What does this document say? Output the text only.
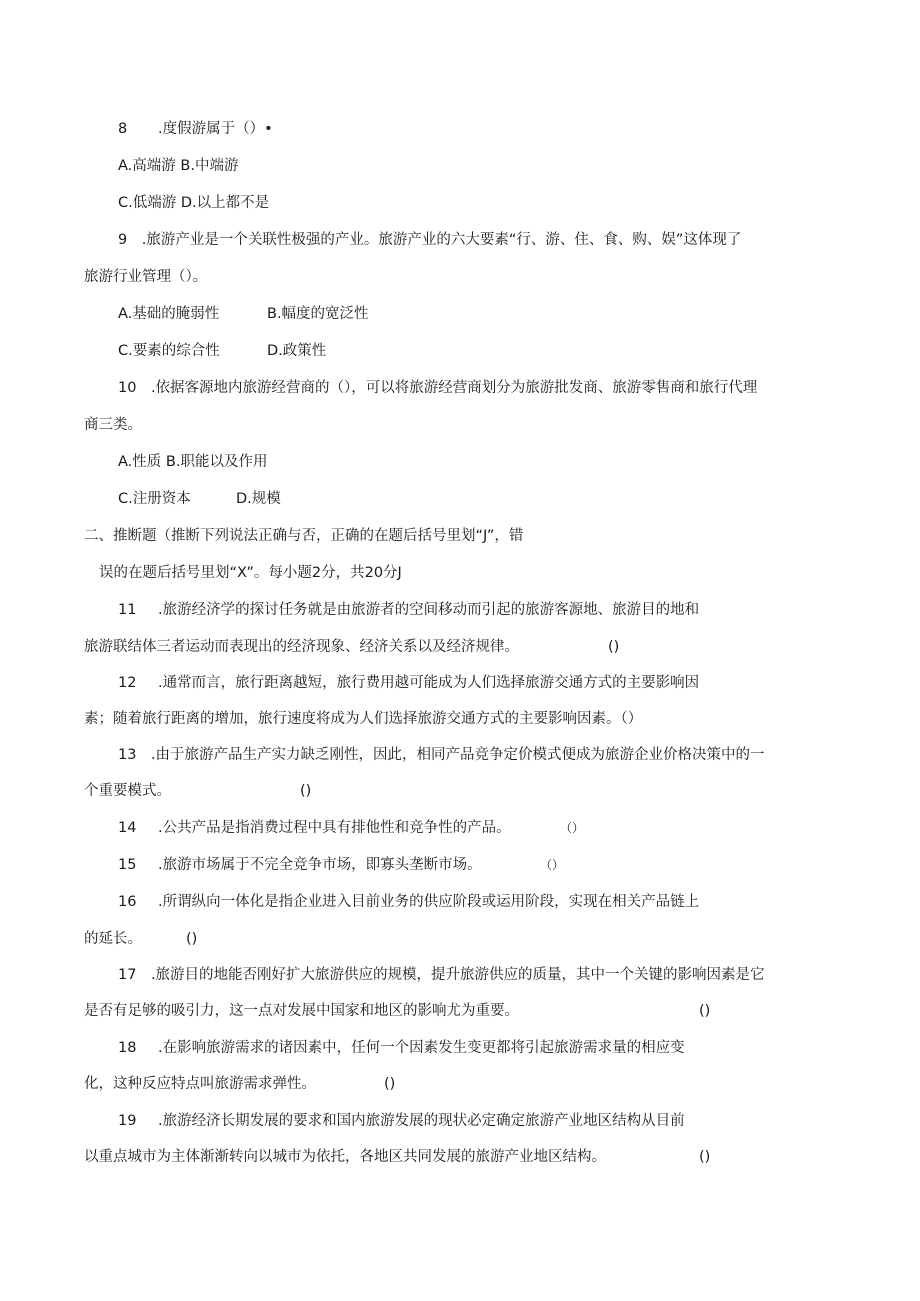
8 .度假游属于（）•
A.高端游 B.中端游
C.低端游 D.以上都不是
9　.旅游产业是一个关联性极强的产业。旅游产业的六大要素“行、游、住、食、购、娱”这体现了
旅游行业管理（）。
A.基础的腌弱性	B.幅度的宽泛性
C.要素的综合性	D.政策性
10　.依据客源地内旅游经营商的（），可以将旅游经营商划分为旅游批发商、旅游零售商和旅行代理
商三类。
A.性质 B.职能以及作用
C.注册资本	D.规模
二、推断题（推断下列说法正确与否，正确的在题后括号里划“J”，错
误的在题后括号里划“X”。每小题2分，共20分J
11 .旅游经济学的探讨任务就是由旅游者的空间移动而引起的旅游客源地、旅游目的地和
旅游联结体三者运动而表现出的经济现象、经济关系以及经济规律。	()
12 .通常而言，旅行距离越短，旅行费用越可能成为人们选择旅游交通方式的主要影响因
素；随着旅行距离的增加，旅行速度将成为人们选择旅游交通方式的主要影响因素。（）
13　.由于旅游产品生产实力缺乏刚性，因此，相同产品竞争定价模式便成为旅游企业价格决策中的一
个重要模式。	()
14 .公共产品是指消费过程中具有排他性和竞争性的产品。	（）
15 .旅游市场属于不完全竞争市场，即寡头垄断市场。	（）
16 .所谓纵向一体化是指企业进入目前业务的供应阶段或运用阶段，实现在相关产品链上
的延长。	()
17　.旅游目的地能否刚好扩大旅游供应的规模，提升旅游供应的质量，其中一个关键的影响因素是它
是否有足够的吸引力，这一点对发展中国家和地区的影响尤为重要。	()
18 .在影响旅游需求的诸因素中，任何一个因素发生变更都将引起旅游需求量的相应变
化，这种反应特点叫旅游需求弹性。	()
19 .旅游经济长期发展的要求和国内旅游发展的现状必定确定旅游产业地区结构从目前
以重点城市为主体渐渐转向以城市为依托，各地区共同发展的旅游产业地区结构。	()
